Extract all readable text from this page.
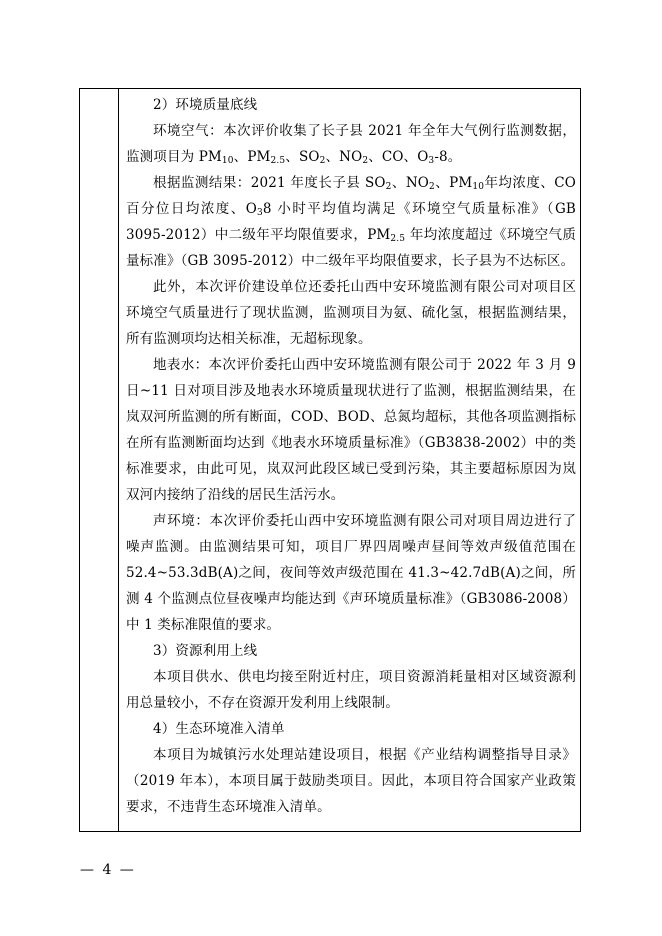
2）环境质量底线

环境空气：本次评价收集了长子县 2021 年全年大气例行监测数据，监测项目为 $PM_{10}$、$PM_{2.5}$、$SO_2$、$NO_2$、CO、$O_3-8$。

根据监测结果：2021 年度长子县 $SO_2$、$NO_2$、$PM_{10}$年均浓度、CO 百分位日均浓度、$O_38$ 小时平均值均满足《环境空气质量标准》（GB 3095-2012）中二级年平均限值要求，$PM_{2.5}$ 年均浓度超过《环境空气质量标准》（GB 3095-2012）中二级年平均限值要求，长子县为不达标区。

此外，本次评价建设单位还委托山西中安环境监测有限公司对项目区环境空气质量进行了现状监测，监测项目为氨、硫化氢，根据监测结果，所有监测项均达相关标准，无超标现象。

地表水：本次评价委托山西中安环境监测有限公司于 2022 年 3 月 9 日~11 日对项目涉及地表水环境质量现状进行了监测，根据监测结果，在岚双河所监测的所有断面，COD、BOD、总氮均超标，其他各项监测指标在所有监测断面均达到《地表水环境质量标准》（GB3838-2002）中的类标准要求，由此可见，岚双河此段区域已受到污染，其主要超标原因为岚双河内接纳了沿线的居民生活污水。

声环境：本次评价委托山西中安环境监测有限公司对项目周边进行了噪声监测。由监测结果可知，项目厂界四周噪声昼间等效声级值范围在 52.4~53.3dB(A)之间，夜间等效声级范围在 41.3~42.7dB(A)之间，所测 4 个监测点位昼夜噪声均能达到《声环境质量标准》（GB3086-2008）中 1 类标准限值的要求。

3）资源利用上线

本项目供水、供电均接至附近村庄，项目资源消耗量相对区域资源利用总量较小，不存在资源开发利用上线限制。

4）生态环境准入清单

本项目为城镇污水处理站建设项目，根据《产业结构调整指导目录》（2019 年本），本项目属于鼓励类项目。因此，本项目符合国家产业政策要求，不违背生态环境准入清单。

— 4 —
